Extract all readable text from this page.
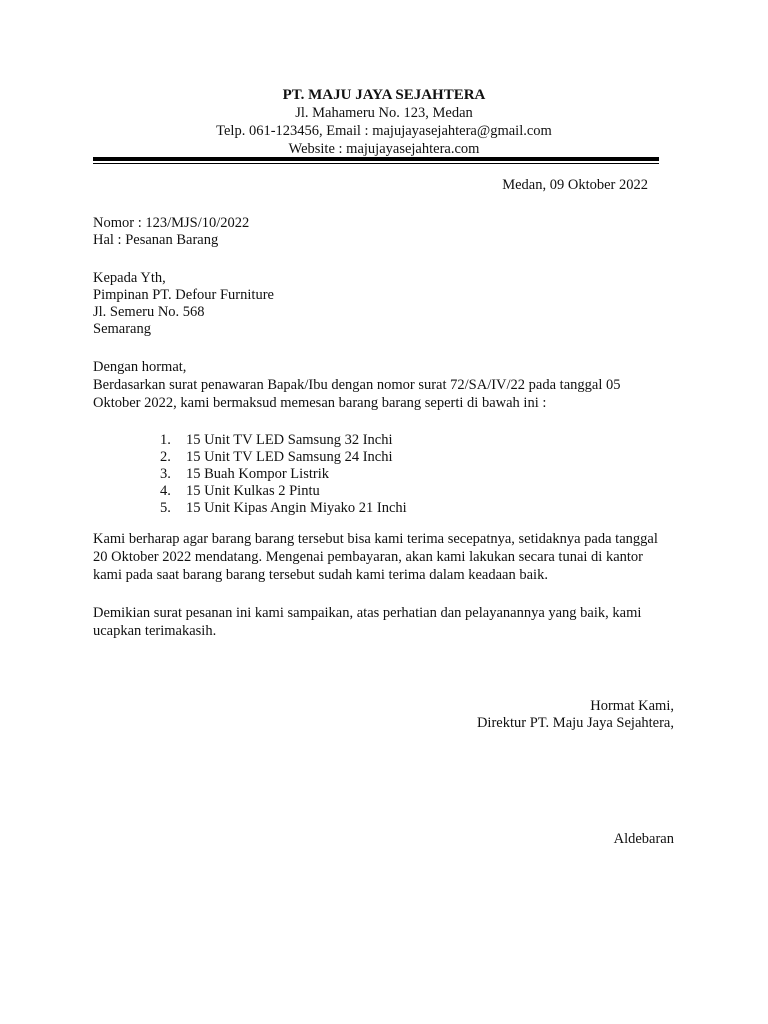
PT. MAJU JAYA SEJAHTERA
Jl. Mahameru No. 123, Medan
Telp. 061-123456, Email : majujayasejahtera@gmail.com
Website : majujayasejahtera.com
Medan, 09 Oktober 2022
Nomor : 123/MJS/10/2022
Hal : Pesanan Barang
Kepada Yth,
Pimpinan PT. Defour Furniture
Jl. Semeru No. 568
Semarang
Dengan hormat,
Berdasarkan surat penawaran Bapak/Ibu dengan nomor surat 72/SA/IV/22 pada tanggal 05 Oktober 2022, kami bermaksud memesan barang barang seperti di bawah ini :
1. 15 Unit TV LED Samsung 32 Inchi
2. 15 Unit TV LED Samsung 24 Inchi
3. 15 Buah Kompor Listrik
4. 15 Unit Kulkas 2 Pintu
5. 15 Unit Kipas Angin Miyako 21 Inchi
Kami berharap agar barang barang tersebut bisa kami terima secepatnya, setidaknya pada tanggal 20 Oktober 2022 mendatang. Mengenai pembayaran, akan kami lakukan secara tunai di kantor kami pada saat barang barang tersebut sudah kami terima dalam keadaan baik.
Demikian surat pesanan ini kami sampaikan, atas perhatian dan pelayanannya yang baik, kami ucapkan terimakasih.
Hormat Kami,
Direktur PT. Maju Jaya Sejahtera,
Aldebaran
